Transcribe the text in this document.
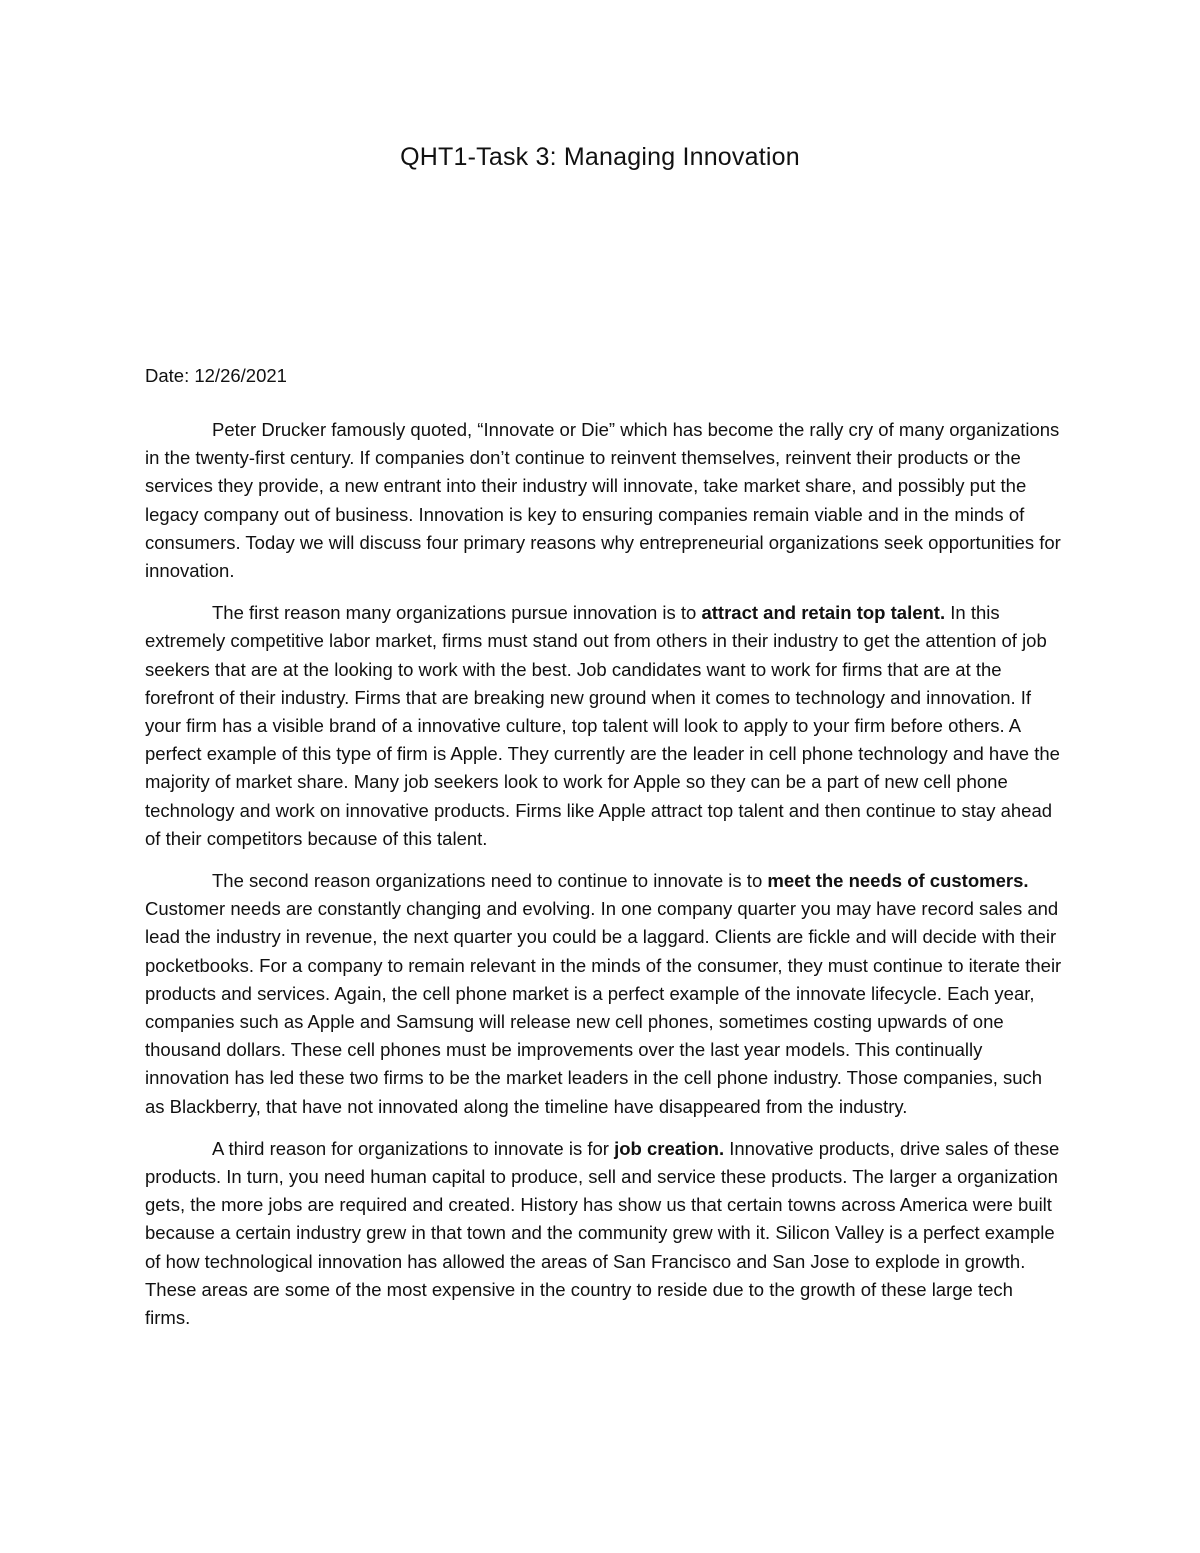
QHT1-Task 3: Managing Innovation
Date: 12/26/2021

Peter Drucker famously quoted, “Innovate or Die” which has become the rally cry of many organizations in the twenty-first century. If companies don’t continue to reinvent themselves, reinvent their products or the services they provide, a new entrant into their industry will innovate, take market share, and possibly put the legacy company out of business. Innovation is key to ensuring companies remain viable and in the minds of consumers. Today we will discuss four primary reasons why entrepreneurial organizations seek opportunities for innovation.

The first reason many organizations pursue innovation is to attract and retain top talent. In this extremely competitive labor market, firms must stand out from others in their industry to get the attention of job seekers that are at the looking to work with the best. Job candidates want to work for firms that are at the forefront of their industry. Firms that are breaking new ground when it comes to technology and innovation. If your firm has a visible brand of a innovative culture, top talent will look to apply to your firm before others. A perfect example of this type of firm is Apple. They currently are the leader in cell phone technology and have the majority of market share. Many job seekers look to work for Apple so they can be a part of new cell phone technology and work on innovative products. Firms like Apple attract top talent and then continue to stay ahead of their competitors because of this talent.

The second reason organizations need to continue to innovate is to meet the needs of customers. Customer needs are constantly changing and evolving. In one company quarter you may have record sales and lead the industry in revenue, the next quarter you could be a laggard. Clients are fickle and will decide with their pocketbooks. For a company to remain relevant in the minds of the consumer, they must continue to iterate their products and services. Again, the cell phone market is a perfect example of the innovate lifecycle. Each year, companies such as Apple and Samsung will release new cell phones, sometimes costing upwards of one thousand dollars. These cell phones must be improvements over the last year models. This continually innovation has led these two firms to be the market leaders in the cell phone industry. Those companies, such as Blackberry, that have not innovated along the timeline have disappeared from the industry.

A third reason for organizations to innovate is for job creation. Innovative products, drive sales of these products. In turn, you need human capital to produce, sell and service these products. The larger a organization gets, the more jobs are required and created. History has show us that certain towns across America were built because a certain industry grew in that town and the community grew with it. Silicon Valley is a perfect example of how technological innovation has allowed the areas of San Francisco and San Jose to explode in growth. These areas are some of the most expensive in the country to reside due to the growth of these large tech firms.
